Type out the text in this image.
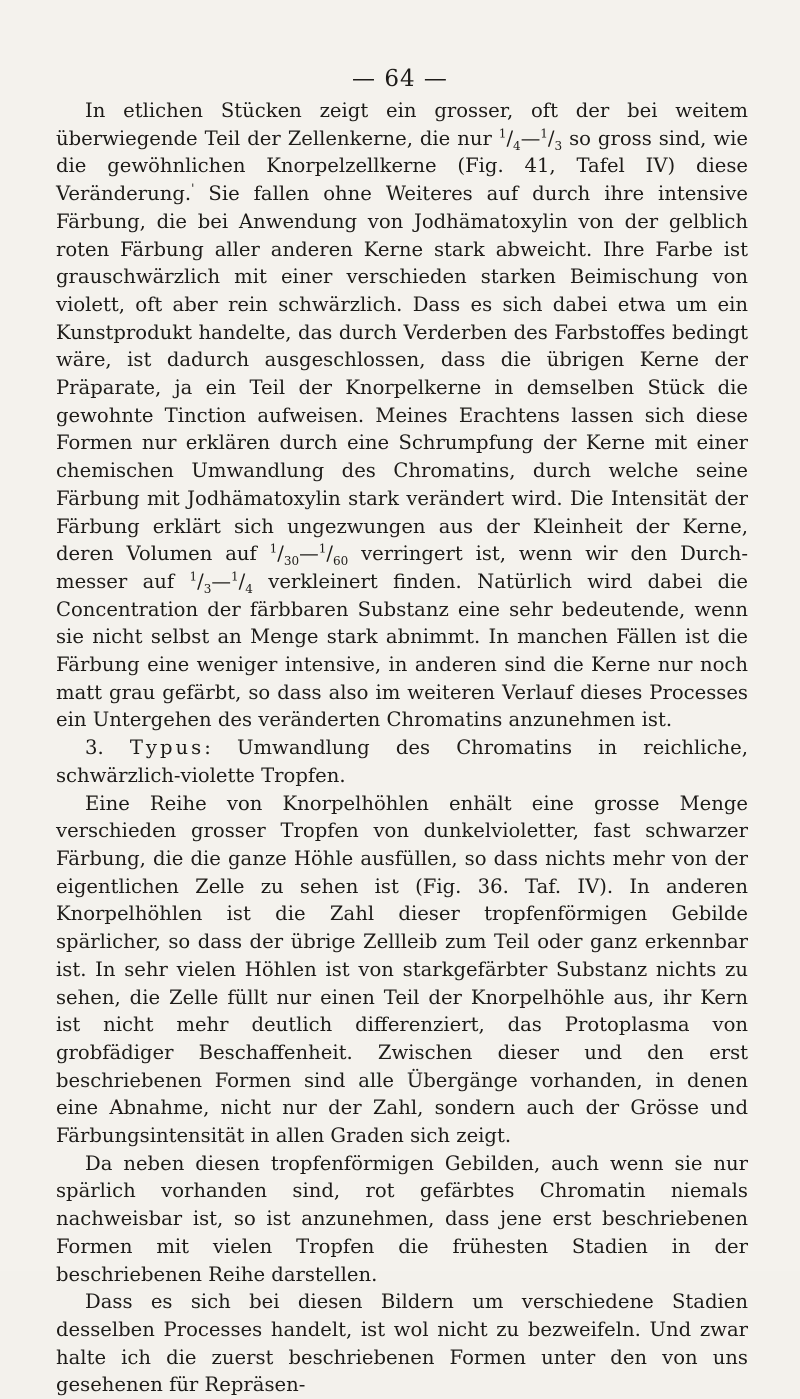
— 64 —

In etlichen Stücken zeigt ein grosser, oft der bei weitem überwiegende Teil der Zellenkerne, die nur $^1/_4—^1/_3$ so gross sind, wie die gewöhnlichen Knorpelzellkerne (Fig. 41, Tafel IV) diese Veränderung.' Sie fallen ohne Weiteres auf durch ihre intensive Färbung, die bei Anwendung von Jodhämatoxylin von der gelblich roten Färbung aller anderen Kerne stark abweicht. Ihre Farbe ist grauschwärzlich mit einer verschieden starken Beimischung von violett, oft aber rein schwärzlich. Dass es sich dabei etwa um ein Kunstprodukt handelte, das durch Verderben des Farbstoffes bedingt wäre, ist dadurch ausgeschlossen, dass die übrigen Kerne der Präparate, ja ein Teil der Knorpelkerne in demselben Stück die gewohnte Tinction aufweisen. Meines Erachtens lassen sich diese Formen nur erklären durch eine Schrumpfung der Kerne mit einer chemischen Umwandlung des Chromatins, durch welche seine Färbung mit Jodhämatoxylin stark verändert wird. Die Intensität der Färbung erklärt sich ungezwungen aus der Kleinheit der Kerne, deren Volumen auf $^1/_{30}—^1/_{60}$ verringert ist, wenn wir den Durchmesser auf $^1/_3—^1/_4$ verkleinert finden. Natürlich wird dabei die Concentration der färbbaren Substanz eine sehr bedeutende, wenn sie nicht selbst an Menge stark abnimmt. In manchen Fällen ist die Färbung eine weniger intensive, in anderen sind die Kerne nur noch matt grau gefärbt, so dass also im weiteren Verlauf dieses Processes ein Untergehen des veränderten Chromatins anzunehmen ist.

3. Typus: Umwandlung des Chromatins in reichliche, schwärzlich-violette Tropfen.

Eine Reihe von Knorpelhöhlen enhält eine grosse Menge verschieden grosser Tropfen von dunkelvioletter, fast schwarzer Färbung, die die ganze Höhle ausfüllen, so dass nichts mehr von der eigentlichen Zelle zu sehen ist (Fig. 36. Taf. IV). In anderen Knorpelhöhlen ist die Zahl dieser tropfenförmigen Gebilde spärlicher, so dass der übrige Zellleib zum Teil oder ganz erkennbar ist. In sehr vielen Höhlen ist von starkgefärbter Substanz nichts zu sehen, die Zelle füllt nur einen Teil der Knorpelhöhle aus, ihr Kern ist nicht mehr deutlich differenziert, das Protoplasma von grobfädiger Beschaffenheit. Zwischen dieser und den erst beschriebenen Formen sind alle Übergänge vorhanden, in denen eine Abnahme, nicht nur der Zahl, sondern auch der Grösse und Färbungsintensität in allen Graden sich zeigt.

Da neben diesen tropfenförmigen Gebilden, auch wenn sie nur spärlich vorhanden sind, rot gefärbtes Chromatin niemals nachweisbar ist, so ist anzunehmen, dass jene erst beschriebenen Formen mit vielen Tropfen die frühesten Stadien in der beschriebenen Reihe darstellen.

Dass es sich bei diesen Bildern um verschiedene Stadien desselben Processes handelt, ist wol nicht zu bezweifeln. Und zwar halte ich die zuerst beschriebenen Formen unter den von uns gesehenen für Repräsen-
